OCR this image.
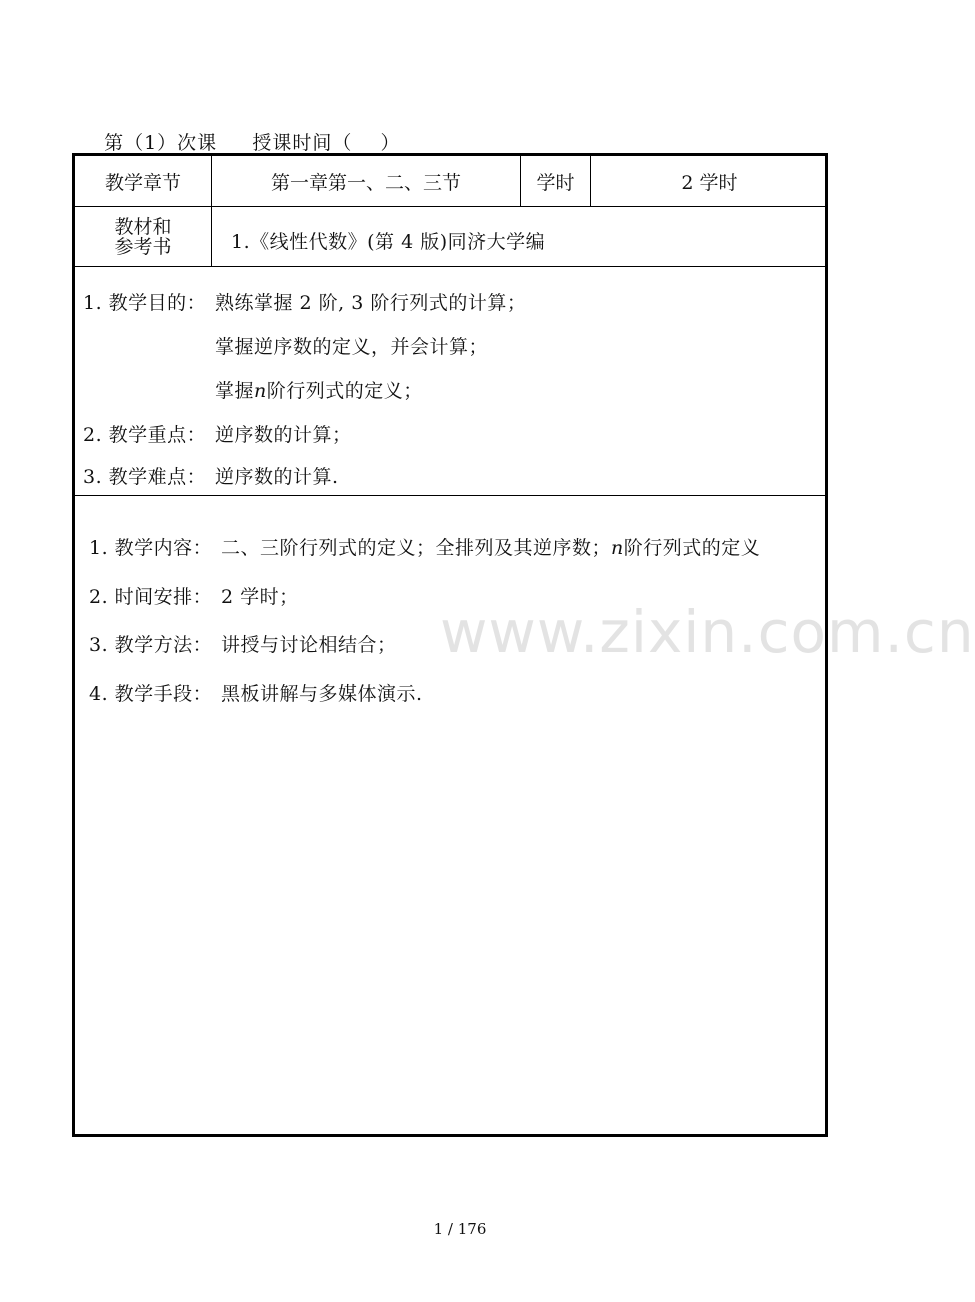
第（1）次课 授课时间（    ）

www.zixin.com.cn
教学章节	第一章第一、二、三节	学时	2 学时
教材和
参考书	1.《线性代数》(第 4 版)同济大学编
1. 教学目的： 熟练掌握 2 阶, 3 阶行列式的计算；
掌握逆序数的定义，并会计算；
掌握n阶行列式的定义；
2. 教学重点： 逆序数的计算；
3. 教学难点： 逆序数的计算.
1. 教学内容： 二、三阶行列式的定义；全排列及其逆序数；n阶行列式的定义
2. 时间安排： 2 学时；
3. 教学方法： 讲授与讨论相结合；
4. 教学手段： 黑板讲解与多媒体演示.
1 / 176
